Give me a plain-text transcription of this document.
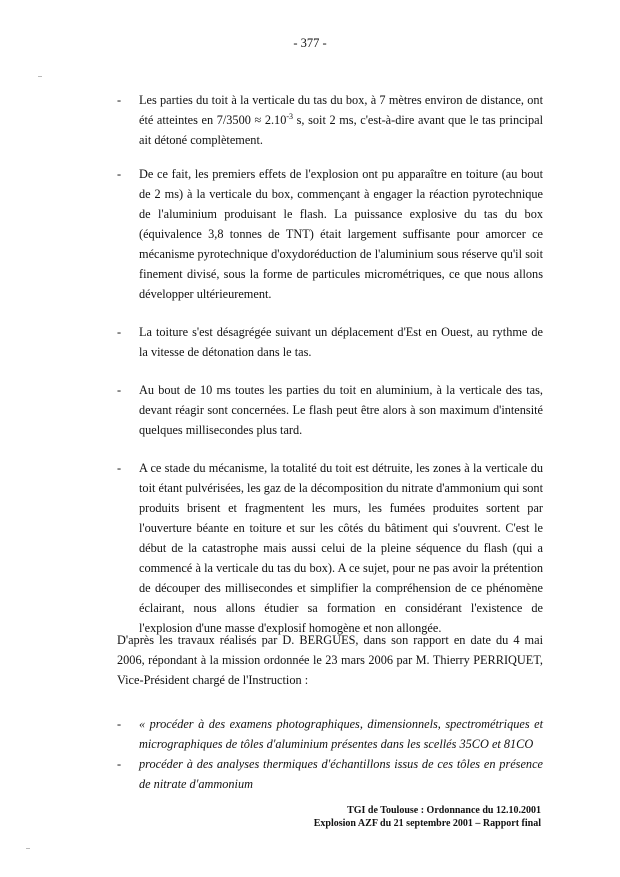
- 377 -
- Les parties du toit à la verticale du tas du box, à 7 mètres environ de distance, ont été atteintes en $7/3500 \approx 2.10^{-3}$ s, soit 2 ms, c'est-à-dire avant que le tas principal ait détoné complètement.
- De ce fait, les premiers effets de l'explosion ont pu apparaître en toiture (au bout de 2 ms) à la verticale du box, commençant à engager la réaction pyrotechnique de l'aluminium produisant le flash. La puissance explosive du tas du box (équivalence 3,8 tonnes de TNT) était largement suffisante pour amorcer ce mécanisme pyrotechnique d'oxydoréduction de l'aluminium sous réserve qu'il soit finement divisé, sous la forme de particules micrométriques, ce que nous allons développer ultérieurement.
- La toiture s'est désagrégée suivant un déplacement d'Est en Ouest, au rythme de la vitesse de détonation dans le tas.
- Au bout de 10 ms toutes les parties du toit en aluminium, à la verticale des tas, devant réagir sont concernées. Le flash peut être alors à son maximum d'intensité quelques millisecondes plus tard.
- A ce stade du mécanisme, la totalité du toit est détruite, les zones à la verticale du toit étant pulvérisées, les gaz de la décomposition du nitrate d'ammonium qui sont produits brisent et fragmentent les murs, les fumées produites sortent par l'ouverture béante en toiture et sur les côtés du bâtiment qui s'ouvrent. C'est le début de la catastrophe mais aussi celui de la pleine séquence du flash (qui a commencé à la verticale du tas du box). A ce sujet, pour ne pas avoir la prétention de découper des millisecondes et simplifier la compréhension de ce phénomène éclairant, nous allons étudier sa formation en considérant l'existence de l'explosion d'une masse d'explosif homogène et non allongée.
D'après les travaux réalisés par D. BERGUES, dans son rapport en date du 4 mai 2006, répondant à la mission ordonnée le 23 mars 2006 par M. Thierry PERRIQUET, Vice-Président chargé de l'Instruction :
- « procéder à des examens photographiques, dimensionnels, spectrométriques et micrographiques de tôles d'aluminium présentes dans les scellés 35CO et 81CO
- procéder à des analyses thermiques d'échantillons issus de ces tôles en présence de nitrate d'ammonium
TGI de Toulouse : Ordonnance du 12.10.2001
Explosion AZF du 21 septembre 2001 – Rapport final
